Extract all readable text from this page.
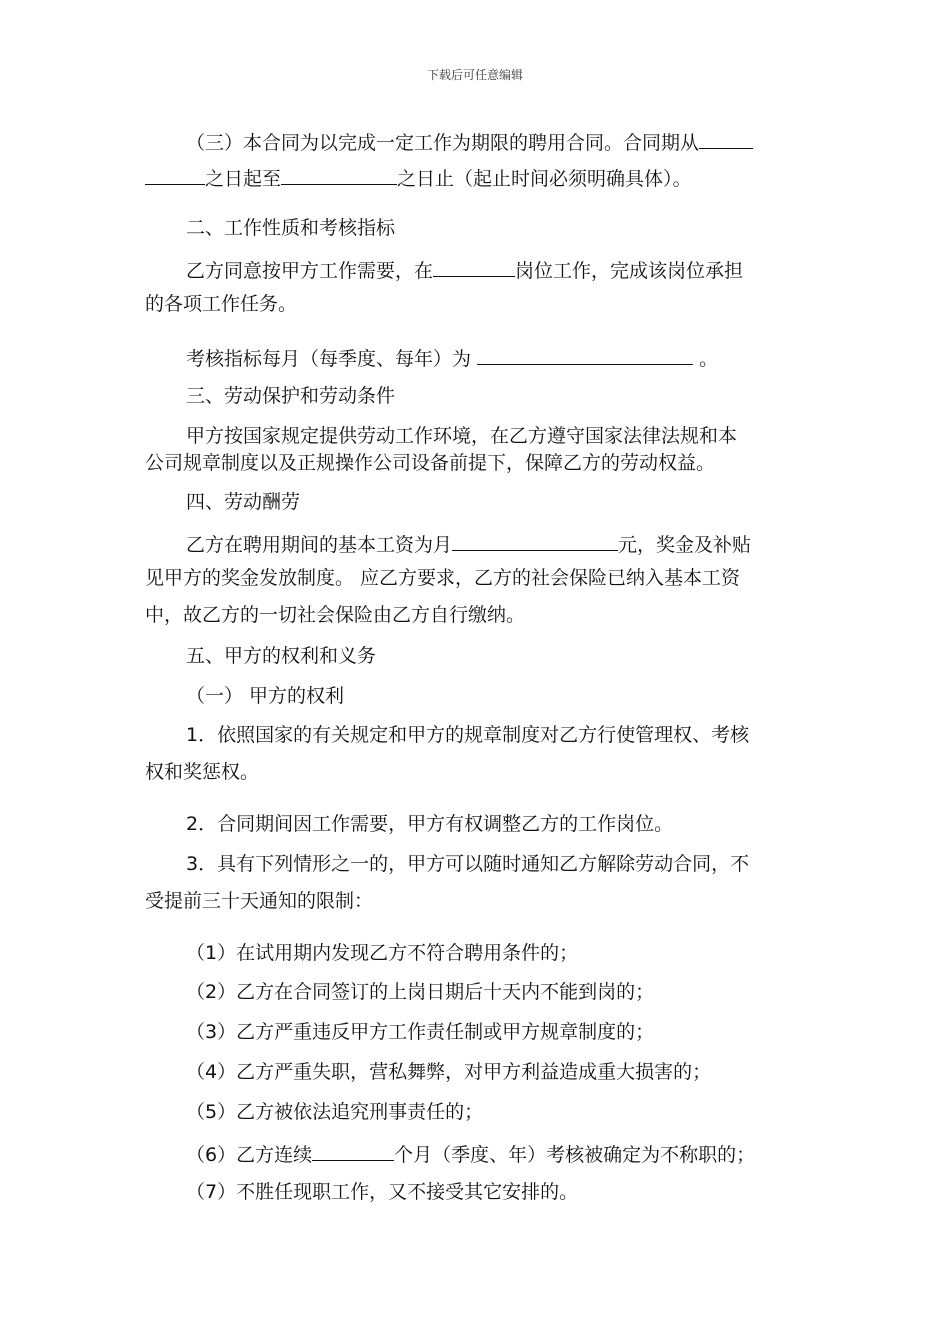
下载后可任意编辑
（三）本合同为以完成一定工作为期限的聘用合同。合同期从
之日起至	之日止（起止时间必须明确具体）。
二、工作性质和考核指标
乙方同意按甲方工作需要，在	岗位工作，完成该岗位承担
的各项工作任务。
考核指标每月（每季度、每年）为	。
三、劳动保护和劳动条件
甲方按国家规定提供劳动工作环境，在乙方遵守国家法律法规和本
公司规章制度以及正规操作公司设备前提下，保障乙方的劳动权益。
四、劳动酬劳
乙方在聘用期间的基本工资为月	元，奖金及补贴
见甲方的奖金发放制度。 应乙方要求，乙方的社会保险已纳入基本工资
中，故乙方的一切社会保险由乙方自行缴纳。
五、甲方的权利和义务
（一） 甲方的权利
1．依照国家的有关规定和甲方的规章制度对乙方行使管理权、考核
权和奖惩权。
2．合同期间因工作需要，甲方有权调整乙方的工作岗位。
3．具有下列情形之一的，甲方可以随时通知乙方解除劳动合同，不
受提前三十天通知的限制：
（1）在试用期内发现乙方不符合聘用条件的；
（2）乙方在合同签订的上岗日期后十天内不能到岗的；
（3）乙方严重违反甲方工作责任制或甲方规章制度的；
（4）乙方严重失职，营私舞弊，对甲方利益造成重大损害的；
（5）乙方被依法追究刑事责任的；
（6）乙方连续	个月（季度、年）考核被确定为不称职的；
（7）不胜任现职工作，又不接受其它安排的。
